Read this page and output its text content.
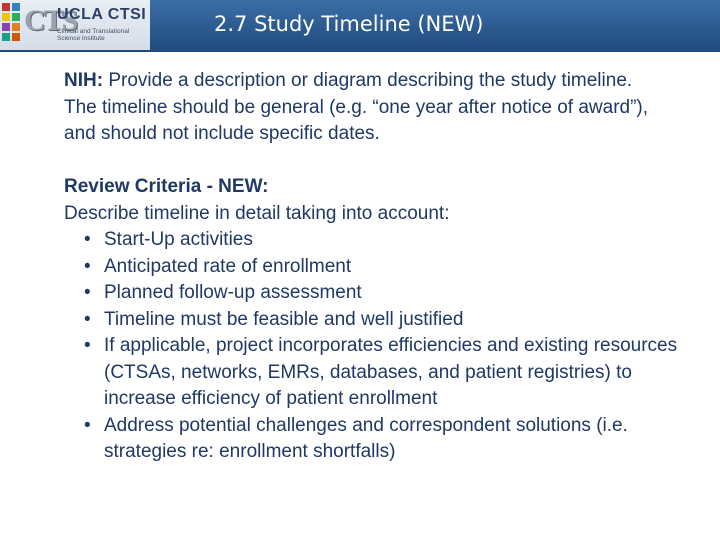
CTS
UCLA CTSI
Clinical and Translational Science Institute
2.7 Study Timeline (NEW)

NIH: Provide a description or diagram describing the study timeline.

The timeline should be general (e.g. “one year after notice of award”), and should not include specific dates.

Review Criteria - NEW:

Describe timeline in detail taking into account:

• Start-Up activities
• Anticipated rate of enrollment
• Planned follow-up assessment
• Timeline must be feasible and well justified
• If applicable, project incorporates efficiencies and existing resources (CTSAs, networks, EMRs, databases, and patient registries) to increase efficiency of patient enrollment
• Address potential challenges and correspondent solutions (i.e. strategies re: enrollment shortfalls)
